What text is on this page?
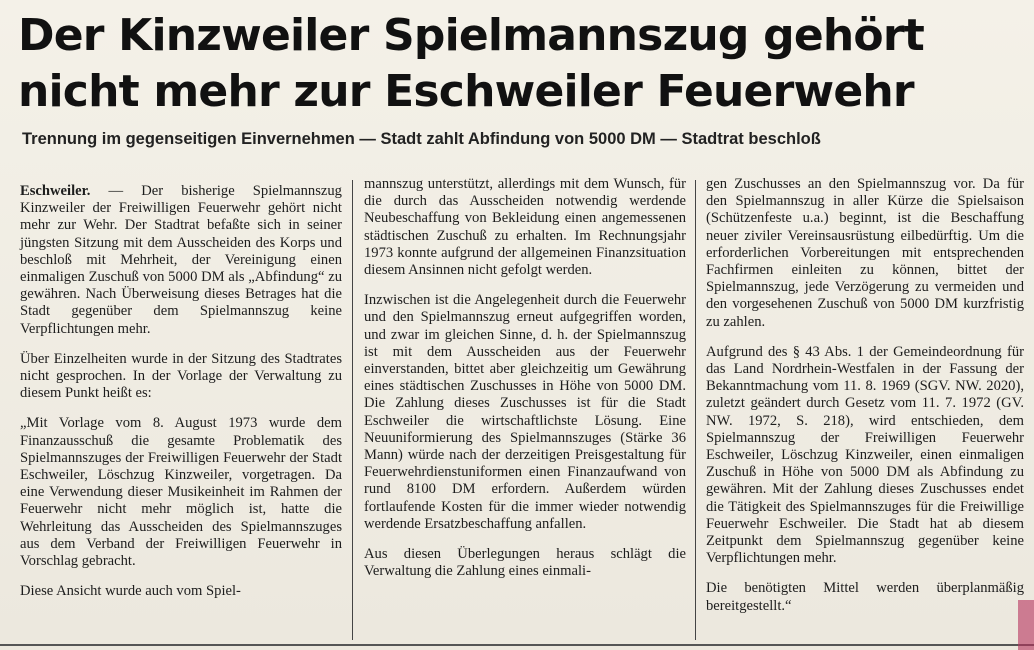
Der Kinzweiler Spielmannszug gehört
nicht mehr zur Eschweiler Feuerwehr
Trennung im gegenseitigen Einvernehmen — Stadt zahlt Abfindung von 5000 DM — Stadtrat beschloß

Eschweiler. — Der bisherige Spielmannszug Kinzweiler der Freiwilligen Feuerwehr gehört nicht mehr zur Wehr. Der Stadtrat befaßte sich in seiner jüngsten Sitzung mit dem Ausscheiden des Korps und beschloß mit Mehrheit, der Vereinigung einen einmaligen Zuschuß von 5000 DM als „Abfindung“ zu gewähren. Nach Überweisung dieses Betrages hat die Stadt gegenüber dem Spielmannszug keine Verpflichtungen mehr.

Über Einzelheiten wurde in der Sitzung des Stadtrates nicht gesprochen. In der Vorlage der Verwaltung zu diesem Punkt heißt es:

„Mit Vorlage vom 8. August 1973 wurde dem Finanzausschuß die gesamte Problematik des Spielmannszuges der Freiwilligen Feuerwehr der Stadt Eschweiler, Löschzug Kinzweiler, vorgetragen. Da eine Verwendung dieser Musikeinheit im Rahmen der Feuerwehr nicht mehr möglich ist, hatte die Wehrleitung das Ausscheiden des Spielmannszuges aus dem Verband der Freiwilligen Feuerwehr in Vorschlag gebracht.

Diese Ansicht wurde auch vom Spiel-

mannszug unterstützt, allerdings mit dem Wunsch, für die durch das Ausscheiden notwendig werdende Neubeschaffung von Bekleidung einen angemessenen städtischen Zuschuß zu erhalten. Im Rechnungsjahr 1973 konnte aufgrund der allgemeinen Finanzsituation diesem Ansinnen nicht gefolgt werden.

Inzwischen ist die Angelegenheit durch die Feuerwehr und den Spielmannszug erneut aufgegriffen worden, und zwar im gleichen Sinne, d. h. der Spielmannszug ist mit dem Ausscheiden aus der Feuerwehr einverstanden, bittet aber gleichzeitig um Gewährung eines städtischen Zuschusses in Höhe von 5000 DM. Die Zahlung dieses Zuschusses ist für die Stadt Eschweiler die wirtschaftlichste Lösung. Eine Neuuniformierung des Spielmannszuges (Stärke 36 Mann) würde nach der derzeitigen Preisgestaltung für Feuerwehrdienstuniformen einen Finanzaufwand von rund 8100 DM erfordern. Außerdem würden fortlaufende Kosten für die immer wieder notwendig werdende Ersatzbeschaffung anfallen.

Aus diesen Überlegungen heraus schlägt die Verwaltung die Zahlung eines einmali-

gen Zuschusses an den Spielmannszug vor. Da für den Spielmannszug in aller Kürze die Spielsaison (Schützenfeste u.a.) beginnt, ist die Beschaffung neuer ziviler Vereinsausrüstung eilbedürftig. Um die erforderlichen Vorbereitungen mit entsprechenden Fachfirmen einleiten zu können, bittet der Spielmannszug, jede Verzögerung zu vermeiden und den vorgesehenen Zuschuß von 5000 DM kurzfristig zu zahlen.

Aufgrund des § 43 Abs. 1 der Gemeindeordnung für das Land Nordrhein-Westfalen in der Fassung der Bekanntmachung vom 11. 8. 1969 (SGV. NW. 2020), zuletzt geändert durch Gesetz vom 11. 7. 1972 (GV. NW. 1972, S. 218), wird entschieden, dem Spielmannszug der Freiwilligen Feuerwehr Eschweiler, Löschzug Kinzweiler, einen einmaligen Zuschuß in Höhe von 5000 DM als Abfindung zu gewähren. Mit der Zahlung dieses Zuschusses endet die Tätigkeit des Spielmannszuges für die Freiwillige Feuerwehr Eschweiler. Die Stadt hat ab diesem Zeitpunkt dem Spielmannszug gegenüber keine Verpflichtungen mehr.

Die benötigten Mittel werden überplanmäßig bereitgestellt.“
